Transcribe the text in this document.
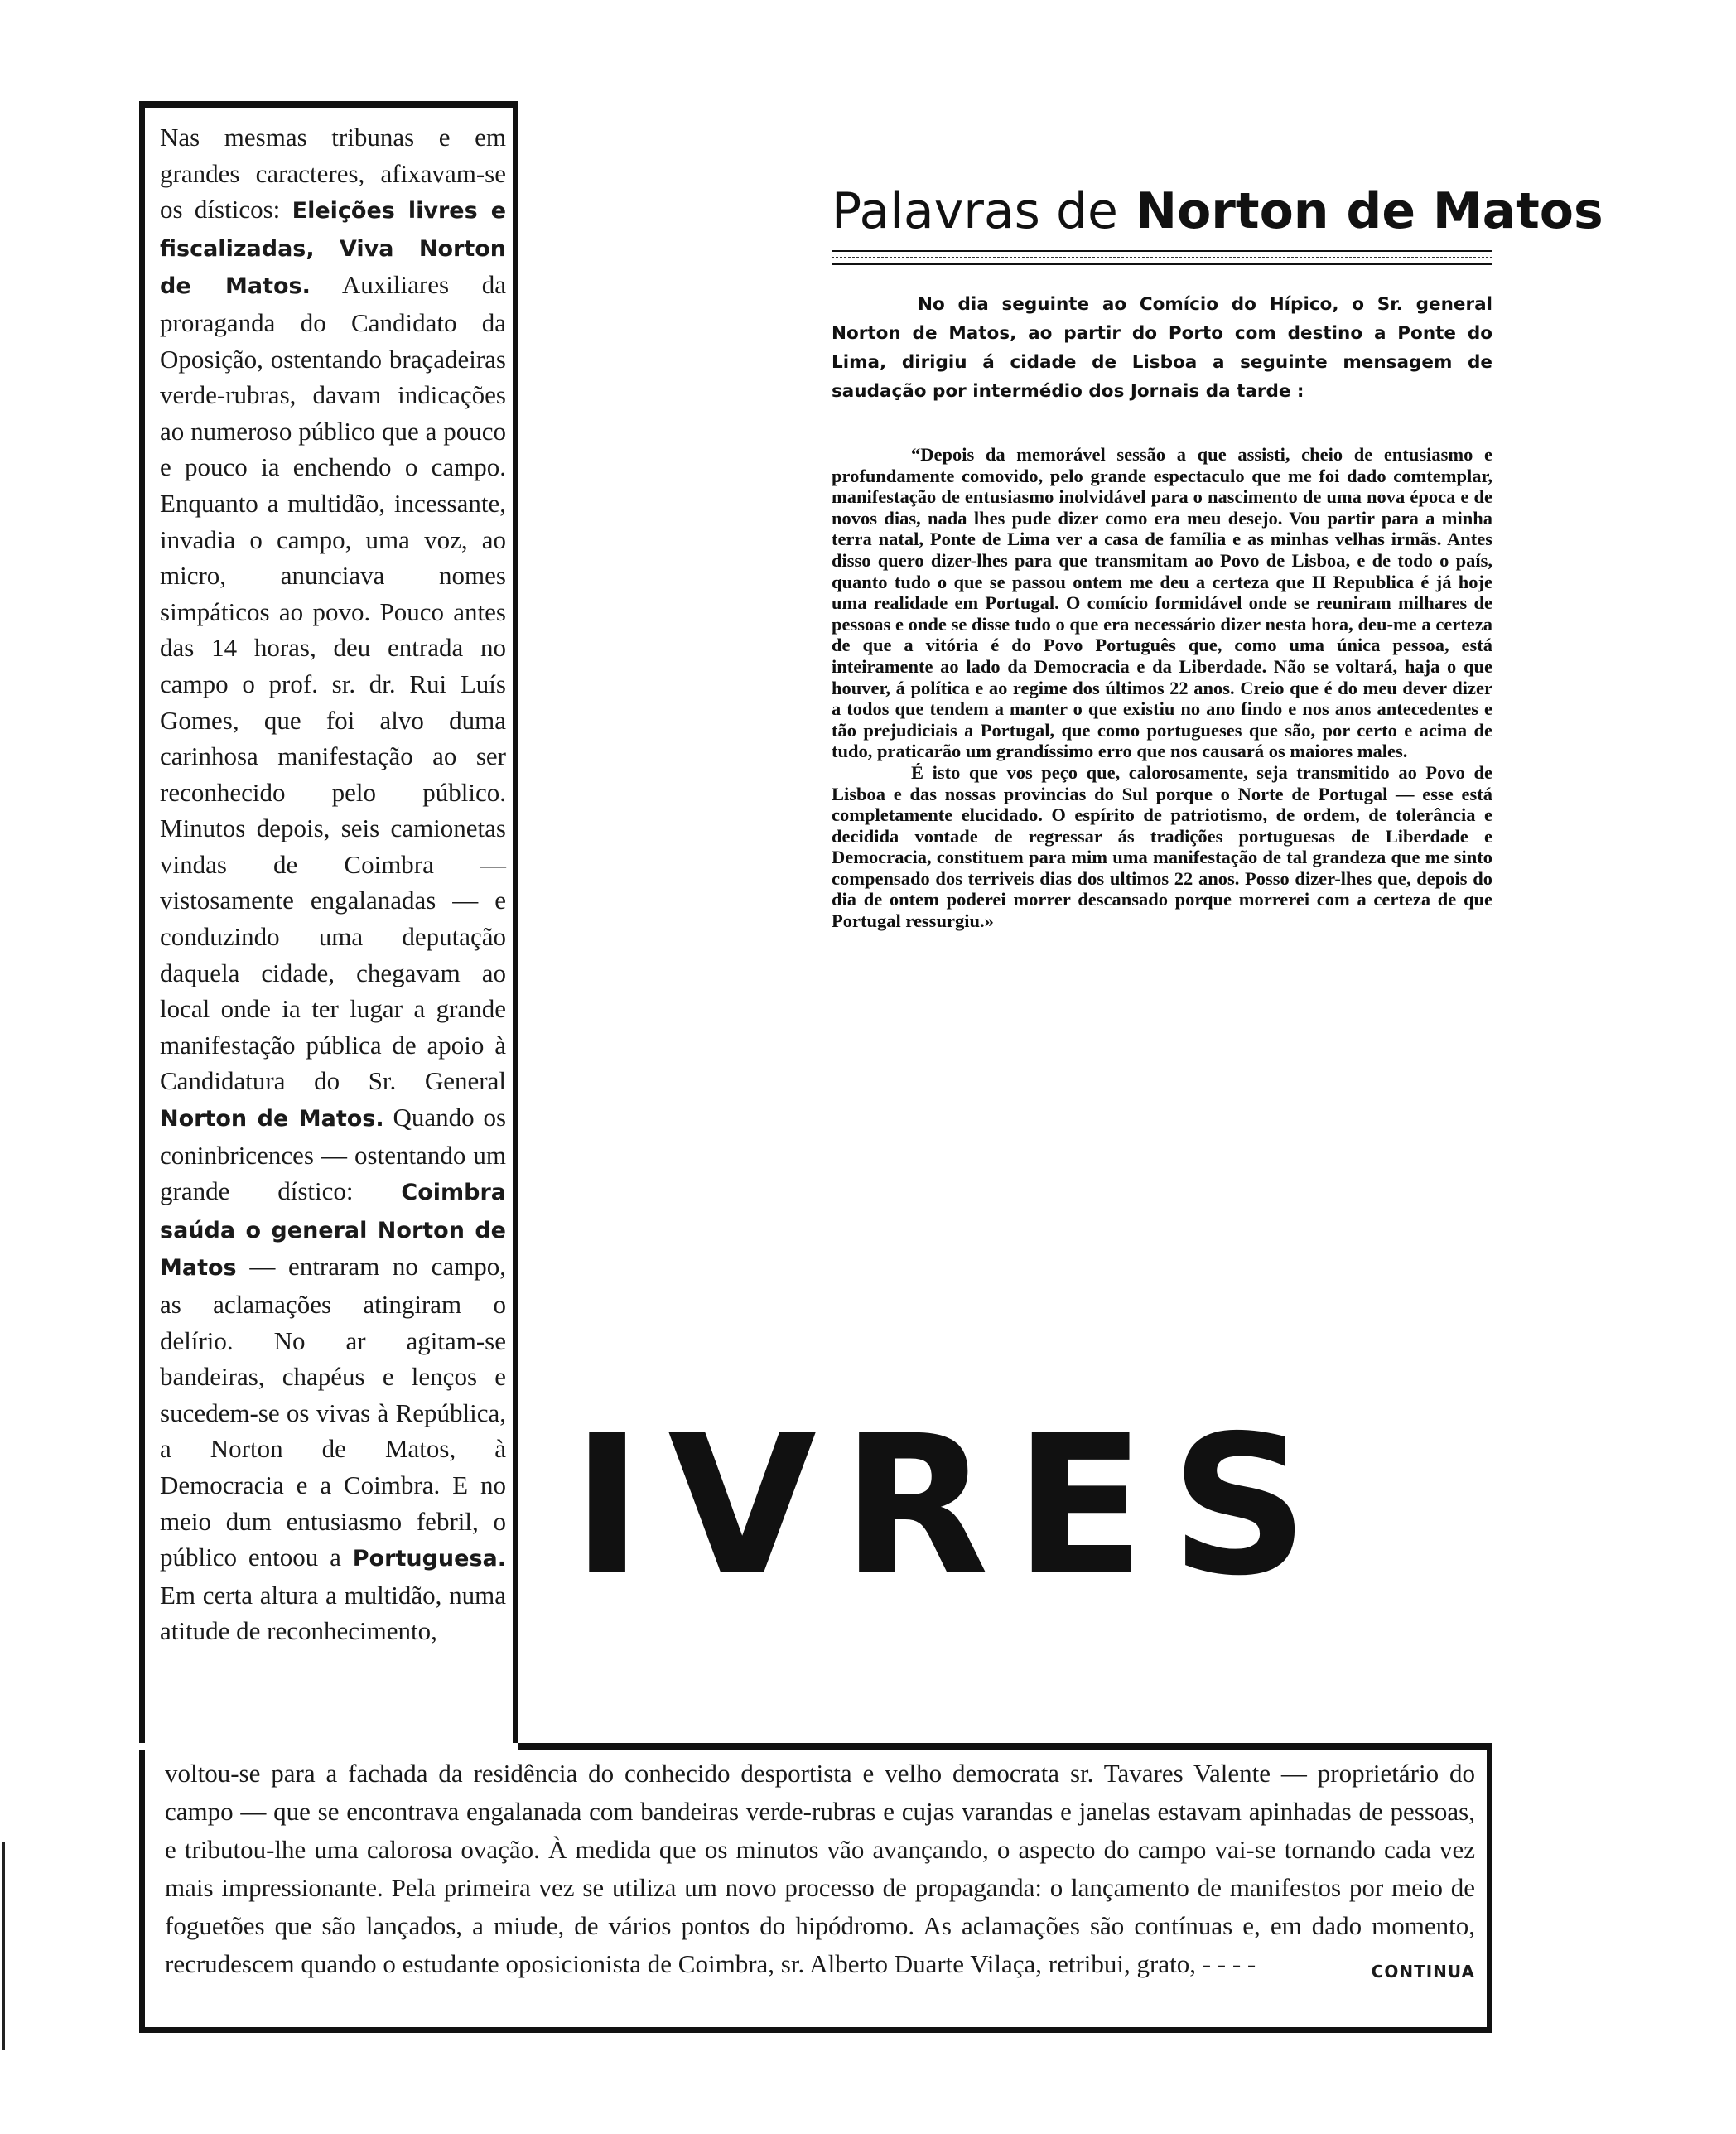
Nas mesmas tribunas e em grandes caracteres, afixavam-se os dísticos: Eleições livres e fiscalizadas, Viva Norton de Matos. Auxiliares da proraganda do Candidato da Oposição, ostentando braçadeiras verde-rubras, davam indicações ao numeroso público que a pouco e pouco ia enchendo o campo. Enquanto a multidão, incessante, invadia o campo, uma voz, ao micro, anunciava nomes simpáticos ao povo. Pouco antes das 14 horas, deu entrada no campo o prof. sr. dr. Rui Luís Gomes, que foi alvo duma carinhosa manifestação ao ser reconhecido pelo público. Minutos depois, seis camionetas vindas de Coimbra — vistosamente engalanadas — e conduzindo uma deputação daquela cidade, chegavam ao local onde ia ter lugar a grande manifestação pública de apoio à Candidatura do Sr. General Norton de Matos. Quando os coninbricences — ostentando um grande dístico: Coimbra saúda o general Norton de Matos — entraram no campo, as aclamações atingiram o delírio. No ar agitam-se bandeiras, chapéus e lenços e sucedem-se os vivas à República, a Norton de Matos, à Democracia e a Coimbra. E no meio dum entusiasmo febril, o público entoou a Portuguesa. Em certa altura a multidão, numa atitude de reconhecimento,

voltou-se para a fachada da residência do conhecido desportista e velho democrata sr. Tavares Valente — proprietário do campo — que se encontrava engalanada com bandeiras verde-rubras e cujas varandas e janelas estavam apinhadas de pessoas, e tributou-lhe uma calorosa ovação. À medida que os minutos vão avançando, o aspecto do campo vai-se tornando cada vez mais impressionante. Pela primeira vez se utiliza um novo processo de propaganda: o lançamento de manifestos por meio de foguetões que são lançados, a miude, de vários pontos do hipódromo. As aclamações são contínuas e, em dado momento, recrudescem quando o estudante oposicionista de Coimbra, sr. Alberto Duarte Vilaça, retribui, grato, - - - -	CONTINUA

Palavras de Norton de Matos

No dia seguinte ao Comício do Hípico, o Sr. general Norton de Matos, ao partir do Porto com destino a Ponte do Lima, dirigiu á cidade de Lisboa a seguinte mensagem de saudação por intermédio dos Jornais da tarde :

“Depois da memorável sessão a que assisti, cheio de entusiasmo e profundamente comovido, pelo grande espectaculo que me foi dado comtemplar, manifestação de entusiasmo inolvidável para o nascimento de uma nova época e de novos dias, nada lhes pude dizer como era meu desejo. Vou partir para a minha terra natal, Ponte de Lima ver a casa de família e as minhas velhas irmãs. Antes disso quero dizer-lhes para que transmitam ao Povo de Lisboa, e de todo o país, quanto tudo o que se passou ontem me deu a certeza que II Republica é já hoje uma realidade em Portugal. O comício formidável onde se reuniram milhares de pessoas e onde se disse tudo o que era necessário dizer nesta hora, deu-me a certeza de que a vitória é do Povo Português que, como uma única pessoa, está inteiramente ao lado da Democracia e da Liberdade. Não se voltará, haja o que houver, á política e ao regime dos últimos 22 anos. Creio que é do meu dever dizer a todos que tendem a manter o que existiu no ano findo e nos anos antecedentes e tão prejudiciais a Portugal, que como portugueses que são, por certo e acima de tudo, praticarão um grandíssimo erro que nos causará os maiores males.

É isto que vos peço que, calorosamente, seja transmitido ao Povo de Lisboa e das nossas provincias do Sul porque o Norte de Portugal — esse está completamente elucidado. O espírito de patriotismo, de ordem, de tolerância e decidida vontade de regressar ás tradições portuguesas de Liberdade e Democracia, constituem para mim uma manifestação de tal grandeza que me sinto compensado dos terriveis dias dos ultimos 22 anos. Posso dizer-lhes que, depois do dia de ontem poderei morrer descansado porque morrerei com a certeza de que Portugal ressurgiu.»

IVRES
